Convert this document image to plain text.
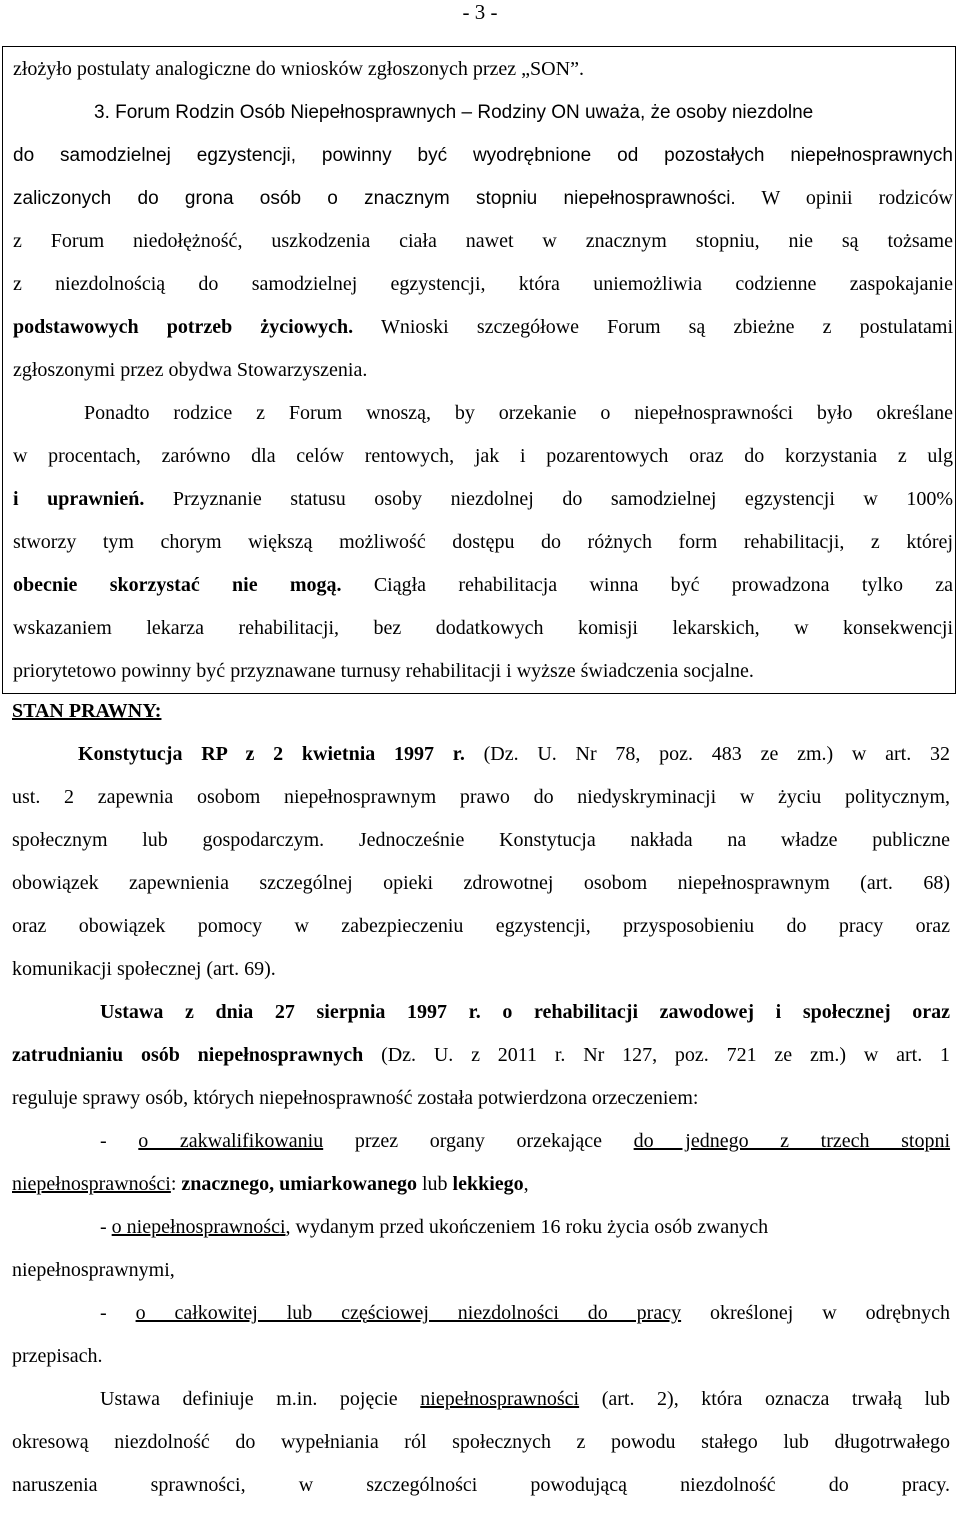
- 3 -
złożyło postulaty analogiczne do wniosków zgłoszonych przez „SON”.
3. Forum Rodzin Osób Niepełnosprawnych – Rodziny ON uważa, że osoby niezdolne
do samodzielnej egzystencji, powinny być wyodrębnione od pozostałych niepełnosprawnych
zaliczonych do grona osób o znacznym stopniu niepełnosprawności. W opinii rodziców
z Forum niedołężność, uszkodzenia ciała nawet w znacznym stopniu, nie są tożsame
z niezdolnością do samodzielnej egzystencji, która uniemożliwia codzienne zaspokajanie
podstawowych potrzeb życiowych. Wnioski szczegółowe Forum są zbieżne z postulatami
zgłoszonymi przez obydwa Stowarzyszenia.
Ponadto rodzice z Forum wnoszą, by orzekanie o niepełnosprawności było określane
w procentach, zarówno dla celów rentowych, jak i pozarentowych oraz do korzystania z ulg
i uprawnień. Przyznanie statusu osoby niezdolnej do samodzielnej egzystencji w 100%
stworzy tym chorym większą możliwość dostępu do różnych form rehabilitacji, z której
obecnie skorzystać nie mogą. Ciągła rehabilitacja winna być prowadzona tylko za
wskazaniem lekarza rehabilitacji, bez dodatkowych komisji lekarskich, w konsekwencji
priorytetowo powinny być przyznawane turnusy rehabilitacji i wyższe świadczenia socjalne.
STAN PRAWNY:
Konstytucja RP z 2 kwietnia 1997 r. (Dz. U. Nr 78, poz. 483 ze zm.) w art. 32
ust. 2 zapewnia osobom niepełnosprawnym prawo do niedyskryminacji w życiu politycznym,
społecznym lub gospodarczym. Jednocześnie Konstytucja nakłada na władze publiczne
obowiązek zapewnienia szczególnej opieki zdrowotnej osobom niepełnosprawnym (art. 68)
oraz obowiązek pomocy w zabezpieczeniu egzystencji, przysposobieniu do pracy oraz
komunikacji społecznej (art. 69).
Ustawa z dnia 27 sierpnia 1997 r. o rehabilitacji zawodowej i społecznej oraz
zatrudnianiu osób niepełnosprawnych (Dz. U. z 2011 r. Nr 127, poz. 721 ze zm.) w art. 1
reguluje sprawy osób, których niepełnosprawność została potwierdzona orzeczeniem:
- o zakwalifikowaniu przez organy orzekające do jednego z trzech stopni
niepełnosprawności: znacznego, umiarkowanego lub lekkiego,
- o niepełnosprawności, wydanym przed ukończeniem 16 roku życia osób zwanych
niepełnosprawnymi,
- o całkowitej lub częściowej niezdolności do pracy określonej w odrębnych
przepisach.
Ustawa definiuje m.in. pojęcie niepełnosprawności (art. 2), która oznacza trwałą lub
okresową niezdolność do wypełniania ról społecznych z powodu stałego lub długotrwałego
naruszenia sprawności, w szczególności powodującą niezdolność do pracy.
